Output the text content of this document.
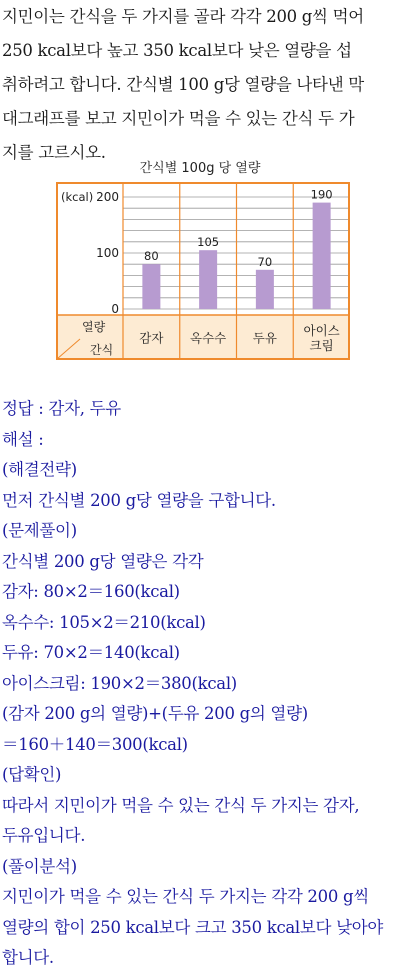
지민이는 간식을 두 가지를 골라 각각 200 g씩 먹어
250 kcal보다 높고 350 kcal보다 낮은 열량을 섭
취하려고 합니다. 간식별 100 g당 열량을 나타낸 막
대그래프를 보고 지민이가 먹을 수 있는 간식 두 가
지를 고르시오.
간식별 100g 당 열량
80
105
70
190
200
100
0
(kcal)
열량
간식
감자 옥수수 두유 아이스
크림
정답 : 감자, 두유
해설 :
(해결전략)
먼저 간식별 200 g당 열량을 구합니다.
(문제풀이)
간식별 200 g당 열량은 각각
감자: 80×2＝160(kcal)
옥수수: 105×2＝210(kcal)
두유: 70×2＝140(kcal)
아이스크림: 190×2＝380(kcal)
(감자 200 g의 열량)+(두유 200 g의 열량)
＝160＋140＝300(kcal)
(답확인)
따라서 지민이가 먹을 수 있는 간식 두 가지는 감자,
두유입니다.
(풀이분석)
지민이가 먹을 수 있는 간식 두 가지는 각각 200 g씩
열량의 합이 250 kcal보다 크고 350 kcal보다 낮아야
합니다.
